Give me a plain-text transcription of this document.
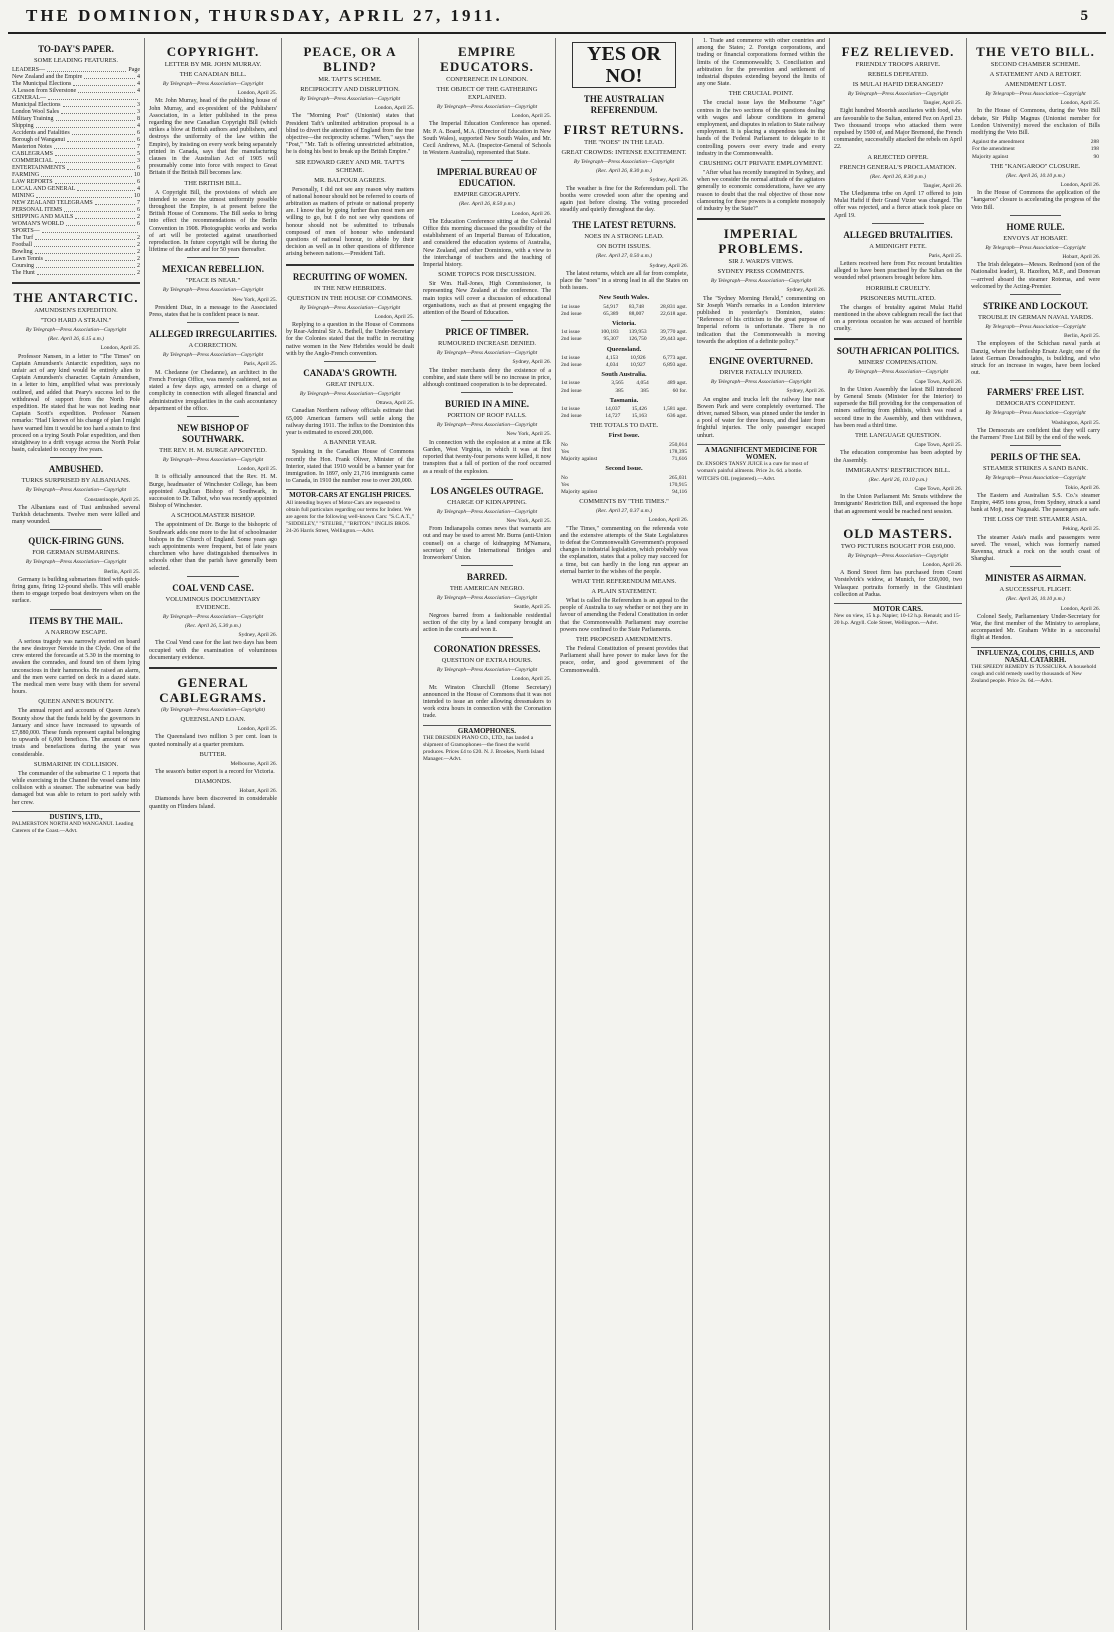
THE DOMINION, THURSDAY, APRIL 27, 1911.	5
TO-DAY'S PAPER.
SOME LEADING FEATURES.
LEADERS—	Page
New Zealand and the Empire	4
The Municipal Elections	4
A Lesson from Silverstone	4
GENERAL—
Municipal Elections	3
London Wool Sales	3
Military Training	8
Shipping	4
Accidents and Fatalities	6
Borough of Wanganui	6
Masterton Notes	7
CABLEGRAMS	5
COMMERCIAL	3
ENTERTAINMENTS	6
FARMING	10
LAW REPORTS	6
LOCAL AND GENERAL	4
MINING	10
NEW ZEALAND TELEGRAMS	7
PERSONAL ITEMS	6
SHIPPING AND MAILS	2
WOMAN'S WORLD	6
SPORTS—
The Turf	2
Football	2
Bowling	2
Lawn Tennis	2
Coursing	2
The Hunt	2
THE ANTARCTIC.
AMUNDSEN'S EXPEDITION.
"TOO HARD A STRAIN."
By Telegraph—Press Association—Copyright
(Rec. April 26, 6.15 a.m.)
London, April 25.

Professor Nansen, in a letter to "The Times" on Captain Amundsen's Antarctic expedition, says no unfair act of any kind would be entirely alien to Captain Amundsen's character. Captain Amundsen, in a letter to him, amplified what was previously outlined, and added that Peary's success led to the withdrawal of support from the North Pole expedition. He stated that he was not leading near Captain Scott's expedition. Professor Nansen remarks: "Had I known of his change of plan I might have warned him it would be too hard a strain to first proceed on a trying South Polar expedition, and then straightway to a drift voyage across the North Polar basin, calculated to occupy five years.

AMBUSHED.
TURKS SURPRISED BY ALBANIANS.
By Telegraph—Press Association—Copyright
Constantinople, April 25.

The Albanians east of Tusi ambushed several Turkish detachments. Twelve men were killed and many wounded.

QUICK-FIRING GUNS.
FOR GERMAN SUBMARINES.
By Telegraph—Press Association—Copyright
Berlin, April 25.

Germany is building submarines fitted with quick-firing guns, firing 12-pound shells. This will enable them to engage torpedo boat destroyers when on the surface.

ITEMS BY THE MAIL.
A NARROW ESCAPE.

A serious tragedy was narrowly averted on board the new destroyer Nereide in the Clyde. One of the crew entered the forecastle at 5.30 in the morning to awaken the comrades, and found ten of them lying unconscious in their hammocks. He raised an alarm, and the men were carried on deck in a dazed state. The medical men were busy with them for several hours.

QUEEN ANNE'S BOUNTY.

The annual report and accounts of Queen Anne's Bounty show that the funds held by the governors in January and since have increased to upwards of £7,880,000. These funds represent capital belonging to upwards of 6,000 benefices. The amount of new trusts and benefactions during the year was considerable.

SUBMARINE IN COLLISION.

The commander of the submarine C 1 reports that while exercising in the Channel the vessel came into collision with a steamer. The submarine was badly damaged but was able to return to port safely with her crew.

DUSTIN'S, LTD.,
PALMERSTON NORTH AND WANGANUI. Leading Caterers of the Coast.—Advt.
COPYRIGHT.
LETTER BY MR. JOHN MURRAY.
THE CANADIAN BILL.
By Telegraph—Press Association—Copyright
London, April 25.

Mr. John Murray, head of the publishing house of John Murray, and ex-president of the Publishers' Association, in a letter published in the press regarding the new Canadian Copyright Bill (which strikes a blow at British authors and publishers, and destroys the uniformity of the law within the Empire), by insisting on every work being separately printed in Canada, says that the manufacturing clauses in the Australian Act of 1905 will presumably come into force with respect to Great Britain if the British Bill becomes law.

THE BRITISH BILL.

A Copyright Bill, the provisions of which are intended to secure the utmost uniformity possible throughout the Empire, is at present before the British House of Commons. The Bill seeks to bring into effect the recommendations of the Berlin Convention in 1908. Photographic works and works of art will be protected against unauthorised reproduction. In future copyright will be during the lifetime of the author and for 50 years thereafter.

MEXICAN REBELLION.
"PEACE IS NEAR."
By Telegraph—Press Association—Copyright
New York, April 25.

President Diaz, in a message to the Associated Press, states that he is confident peace is near.

ALLEGED IRREGULARITIES.
A CORRECTION.
By Telegraph—Press Association—Copyright
Paris, April 25.

M. Chedanne (or Chedanne), an architect in the French Foreign Office, was merely cashiered, not as stated a few days ago, arrested on a charge of complicity in connection with alleged financial and administrative irregularities in the cash accountancy department of the office.

NEW BISHOP OF SOUTHWARK.
THE REV. H. M. BURGE APPOINTED.
By Telegraph—Press Association—Copyright
London, April 25.

It is officially announced that the Rev. H. M. Burge, headmaster of Winchester College, has been appointed Anglican Bishop of Southwark, in succession to Dr. Talbot, who was recently appointed Bishop of Winchester.

A SCHOOLMASTER BISHOP.

The appointment of Dr. Burge to the bishopric of Southwark adds one more to the list of schoolmaster bishops in the Church of England. Some years ago such appointments were frequent, but of late years churchmen who have distinguished themselves in schools other than the parish have generally been selected.

COAL VEND CASE.
VOLUMINOUS DOCUMENTARY EVIDENCE.
By Telegraph—Press Association—Copyright
(Rec. April 26, 5.30 p.m.)
Sydney, April 26.

The Coal Vend case for the last two days has been occupied with the examination of voluminous documentary evidence.

GENERAL CABLEGRAMS.
(By Telegraph—Press Association—Copyright)
QUEENSLAND LOAN.
London, April 25.

The Queensland two million 3 per cent. loan is quoted nominally at a quarter premium.

BUTTER.
Melbourne, April 26.

The season's butter export is a record for Victoria.

DIAMONDS.
Hobart, April 26.

Diamonds have been discovered in considerable quantity on Flinders Island.

PEACE, OR A BLIND?
MR. TAFT'S SCHEME.
RECIPROCITY AND DISRUPTION.
By Telegraph—Press Association—Copyright
London, April 25.

The "Morning Post" (Unionist) states that President Taft's unlimited arbitration proposal is a blind to divert the attention of England from the true objective—the reciprocity scheme. "When," says the "Post," "Mr. Taft is offering unrestricted arbitration, he is doing his best to break up the British Empire."

SIR EDWARD GREY AND MR. TAFT'S SCHEME.
MR. BALFOUR AGREES.

Personally, I did not see any reason why matters of national honour should not be referred to courts of arbitration as matters of private or national property are. I know that by going further than most men are willing to go, but I do not see why questions of honour should not be submitted to tribunals composed of men of honour who understand questions of national honour, to abide by their decision as well as in other questions of difference arising between nations.—President Taft.

RECRUITING OF WOMEN.
IN THE NEW HEBRIDES.
QUESTION IN THE HOUSE OF COMMONS.
By Telegraph—Press Association—Copyright
London, April 25.

Replying to a question in the House of Commons by Rear-Admiral Sir A. Bethell, the Under-Secretary for the Colonies stated that the traffic in recruiting native women in the New Hebrides would be dealt with by the Anglo-French convention.

CANADA'S GROWTH.
GREAT INFLUX.
By Telegraph—Press Association—Copyright
Ottawa, April 25.

Canadian Northern railway officials estimate that 65,000 American farmers will settle along the railway during 1911. The influx to the Dominion this year is estimated to exceed 200,000.

A BANNER YEAR.

Speaking in the Canadian House of Commons recently the Hon. Frank Oliver, Minister of the Interior, stated that 1910 would be a banner year for immigration. In 1897, only 21,716 immigrants came to Canada, in 1910 the number rose to over 200,000.

MOTOR-CARS AT ENGLISH PRICES.
All intending buyers of Motor-Cars are requested to obtain full particulars regarding our terms for Indent. We are agents for the following well-known Cars: "S.C.A.T.," "SIDDELEY," "STEUBE," "BRITON." INGLIS BROS. 24-26 Harris Street, Wellington.—Advt.
EMPIRE EDUCATORS.
CONFERENCE IN LONDON.
THE OBJECT OF THE GATHERING EXPLAINED.
By Telegraph—Press Association—Copyright
London, April 25.

The Imperial Education Conference has opened. Mr. P. A. Board, M.A. (Director of Education in New South Wales), supported New South Wales, and Mr. Cecil Andrews, M.A. (Inspector-General of Schools in Western Australia), represented that State.

IMPERIAL BUREAU OF EDUCATION.
EMPIRE GEOGRAPHY.
(Rec. April 26, 8.50 p.m.)
London, April 26.

The Education Conference sitting at the Colonial Office this morning discussed the possibility of the establishment of an Imperial Bureau of Education, and considered the education systems of Australia, New Zealand, and other Dominions, with a view to the interchange of teachers and the teaching of Imperial history.

SOME TOPICS FOR DISCUSSION.

Sir Wm. Hall-Jones, High Commissioner, is representing New Zealand at the conference. The main topics will cover a discussion of educational organisations, such as that at present engaging the attention of the Board of Education.

PRICE OF TIMBER.
RUMOURED INCREASE DENIED.
By Telegraph—Press Association—Copyright
Sydney, April 26.

The timber merchants deny the existence of a combine, and state there will be no increase in price, although continued cooperation is to be deprecated.

BURIED IN A MINE.
PORTION OF ROOF FALLS.
By Telegraph—Press Association—Copyright
New York, April 25.

In connection with the explosion at a mine at Elk Garden, West Virginia, in which it was at first reported that twenty-four persons were killed, it now transpires that a fall of portion of the roof occurred as a result of the explosion.

LOS ANGELES OUTRAGE.
CHARGE OF KIDNAPPING.
By Telegraph—Press Association—Copyright
New York, April 25.

From Indianapolis comes news that warrants are out and may be used to arrest Mr. Burns (anti-Union counsel) on a charge of kidnapping M'Namara, secretary of the International Bridges and Ironworkers' Union.

BARRED.
THE AMERICAN NEGRO.
By Telegraph—Press Association—Copyright
Seattle, April 25.

Negroes barred from a fashionable residential section of the city by a land company brought an action in the courts and won it.

CORONATION DRESSES.
QUESTION OF EXTRA HOURS.
By Telegraph—Press Association—Copyright
London, April 25.

Mr. Winston Churchill (Home Secretary) announced in the House of Commons that it was not intended to issue an order allowing dressmakers to work extra hours in connection with the Coronation trade.

GRAMOPHONES.
THE DRESDEN PIANO CO., LTD., has landed a shipment of Gramophones—the finest the world produces. Prices £4 to £20. N. J. Brookes, North Island Manager.—Advt.
YES OR NO!
THE AUSTRALIAN REFERENDUM.
FIRST RETURNS.
THE "NOES" IN THE LEAD.
GREAT CROWDS: INTENSE EXCITEMENT.
By Telegraph—Press Association—Copyright
(Rec. April 26, 8.30 p.m.)
Sydney, April 26.

The weather is fine for the Referendum poll. The booths were crowded soon after the opening and again just before closing. The voting proceeded steadily and quietly throughout the day.

THE LATEST RETURNS.
NOES IN A STRONG LEAD.
ON BOTH ISSUES.
(Rec. April 27, 0.50 a.m.)
Sydney, April 26.

The latest returns, which are all far from complete, place the "noes" in a strong lead in all the States on both issues.

New South Wales.
1st issue	54,917	83,748	28,831 agst.
2nd issue	65,389	88,007	22,618 agst.
Victoria.
1st issue	100,183	139,953	39,770 agst.
2nd issue	95,307	126,750	29,443 agst.
Queensland.
1st issue	4,153	10,926	6,773 agst.
2nd issue	4,034	10,927	6,893 agst.
South Australia.
1st issue	3,565	4,054	489 agst.
2nd issue	385	385	60 for.
Tasmania.
1st issue	14,037	15,426	1,581 agst.
2nd issue	14,727	15,163	636 agst.
THE TOTALS TO DATE.
First Issue.
No	250,014
Yes	178,395
Majority against	71,616
Second Issue.
No	265,031
Yes	170,915
Majority against	94,116
COMMENTS BY "THE TIMES."
(Rec. April 27, 0.37 a.m.)
London, April 26.

"The Times," commenting on the referenda vote and the extensive attempts of the State Legislatures to defeat the Commonwealth Government's proposed changes in industrial legislation, which probably was the explanation, states that a policy may succeed for a time, but can hardly in the long run appear an eternal barrier to the wishes of the people.

WHAT THE REFERENDUM MEANS.
A PLAIN STATEMENT.

What is called the Referendum is an appeal to the people of Australia to say whether or not they are in favour of amending the Federal Constitution in order that the Commonwealth Parliament may exercise powers now confined to the State Parliaments.

THE PROPOSED AMENDMENTS.

The Federal Constitution of present provides that Parliament shall have power to make laws for the peace, order, and good government of the Commonwealth.

1. Trade and commerce with other countries and among the States; 2. Foreign corporations, and trading or financial corporations formed within the limits of the Commonwealth; 3. Conciliation and arbitration for the prevention and settlement of industrial disputes extending beyond the limits of any one State.

THE CRUCIAL POINT.

The crucial issue lays the Melbourne "Age" centres in the two sections of the questions dealing with wages and labour conditions in general employment, and disputes in relation to State railway employment. It is placing a stupendous task in the hands of the Federal Parliament to delegate to it controlling powers over every trade and every industry in the Commonwealth.

CRUSHING OUT PRIVATE EMPLOYMENT.

"After what has recently transpired in Sydney, and when we consider the normal attitude of the agitators generally to economic considerations, have we any reason to doubt that the real objective of those now clamouring for these powers is a complete monopoly of industry by the State?"

IMPERIAL PROBLEMS.
SIR J. WARD'S VIEWS.
SYDNEY PRESS COMMENTS.
By Telegraph—Press Association—Copyright
Sydney, April 26.

The "Sydney Morning Herald," commenting on Sir Joseph Ward's remarks in a London interview published in yesterday's Dominion, states: "Reference of his criticism to the great purpose of Imperial reform is unfortunate. There is no indication that the Commonwealth is moving towards the adoption of a definite policy."

ENGINE OVERTURNED.
DRIVER FATALLY INJURED.
By Telegraph—Press Association—Copyright
Sydney, April 26.

An engine and trucks left the railway line near Bowen Park and were completely overturned. The driver, named Sibson, was pinned under the tender in a pool of water for three hours, and died later from frightful injuries. The only passenger escaped unhurt.

A MAGNIFICENT MEDICINE FOR WOMEN.
Dr. ENSOR'S TANSY JUICE is a cure for most of woman's painful ailments. Price 2s. 6d. a bottle. WITCH'S OIL (registered).—Advt.
FEZ RELIEVED.
FRIENDLY TROOPS ARRIVE.
REBELS DEFEATED.
IS MULAI HAFID DERANGED?
By Telegraph—Press Association—Copyright
Tangier, April 25.

Eight hundred Moorish auxiliaries with food, who are favourable to the Sultan, entered Fez on April 23. Two thousand troops who attacked them were repulsed by 1500 of, and Major Bremond, the French commander, successfully attacked the rebels on April 22.

A REJECTED OFFER.
FRENCH GENERAL'S PROCLAMATION.
(Rec. April 26, 8.30 p.m.)
Tangier, April 26.

The Uledjamma tribe on April 17 offered to join Mulai Hafid if their Grand Vizier was changed. The offer was rejected, and a fierce attack took place on April 19.

ALLEGED BRUTALITIES.
A MIDNIGHT FETE.
Paris, April 25.

Letters received here from Fez recount brutalities alleged to have been practised by the Sultan on the wounded rebel prisoners brought before him.

HORRIBLE CRUELTY.
PRISONERS MUTILATED.

The charges of brutality against Mulai Hafid mentioned in the above cablegram recall the fact that on a previous occasion he was accused of horrible cruelty.

SOUTH AFRICAN POLITICS.
MINERS' COMPENSATION.
By Telegraph—Press Association—Copyright
Cape Town, April 26.

In the Union Assembly the latest Bill introduced by General Smuts (Minister for the Interior) to supersede the Bill providing for the compensation of miners suffering from phthisis, which was read a second time in the Assembly, and then withdrawn, has been read a third time.

THE LANGUAGE QUESTION.
Cape Town, April 25.

The education compromise has been adopted by the Assembly.

IMMIGRANTS' RESTRICTION BILL.
(Rec. April 26, 10.10 p.m.)
Cape Town, April 26.

In the Union Parliament Mr. Smuts withdrew the Immigrants' Restriction Bill, and expressed the hope that an agreement would be reached next session.

OLD MASTERS.
TWO PICTURES BOUGHT FOR £60,000.
By Telegraph—Press Association—Copyright
London, April 26.

A Bond Street firm has purchased from Count Vorstelvirk's widow, at Munich, for £60,000, two Velasquez portraits formerly in the Giustiniani collection at Padua.

MOTOR CARS.
New on view, 15 h.p. Napier; 10-12 h.p. Renault; and 15-20 h.p. Argyll. Cole Street, Wellington.—Advt.
THE VETO BILL.
SECOND CHAMBER SCHEME.
A STATEMENT AND A RETORT.
AMENDMENT LOST.
By Telegraph—Press Association—Copyright
London, April 25.

In the House of Commons, during the Veto Bill debate, Sir Philip Magnus (Unionist member for London University) moved the exclusion of Bills modifying the Veto Bill.

Against the amendment	288
For the amendment	198
Majority against	90
THE "KANGAROO" CLOSURE.
(Rec. April 26, 10.10 p.m.)
London, April 26.

In the House of Commons the application of the "kangaroo" closure is accelerating the progress of the Veto Bill.

HOME RULE.
ENVOYS AT HOBART.
By Telegraph—Press Association—Copyright
Hobart, April 26.

The Irish delegates—Messrs. Redmond (son of the Nationalist leader), R. Hazelton, M.P., and Donovan—arrived aboard the steamer Rotorua, and were welcomed by the Acting-Premier.

STRIKE AND LOCKOUT.
TROUBLE IN GERMAN NAVAL YARDS.
By Telegraph—Press Association—Copyright
Berlin, April 25.

The employees of the Schichau naval yards at Danzig, where the battleship Ersatz Aegir, one of the latest German Dreadnoughts, is building, and who struck for an increase in wages, have been locked out.

FARMERS' FREE LIST.
DEMOCRATS CONFIDENT.
By Telegraph—Press Association—Copyright
Washington, April 25.

The Democrats are confident that they will carry the Farmers' Free List Bill by the end of the week.

PERILS OF THE SEA.
STEAMER STRIKES A SAND BANK.
By Telegraph—Press Association—Copyright
Tokio, April 26.

The Eastern and Australian S.S. Co.'s steamer Empire, 4495 tons gross, from Sydney, struck a sand bank at Moji, near Nagasaki. The passengers are safe.

THE LOSS OF THE STEAMER ASIA.
Peking, April 25.

The steamer Asia's mails and passengers were saved. The vessel, which was formerly named Ravenna, struck a rock on the south coast of Shanghai.

MINISTER AS AIRMAN.
A SUCCESSFUL FLIGHT.
(Rec. April 26, 10.10 p.m.)
London, April 26.

Colonel Seely, Parliamentary Under-Secretary for War, the first member of the Ministry to aeroplane, accompanied Mr. Graham White in a successful flight at Hendon.

INFLUENZA, COLDS, CHILLS, AND NASAL CATARRH.
THE SPEEDY REMEDY IS TUSSICURA. A household cough and cold remedy used by thousands of New Zealand people. Price 2s. 6d.—Advt.
